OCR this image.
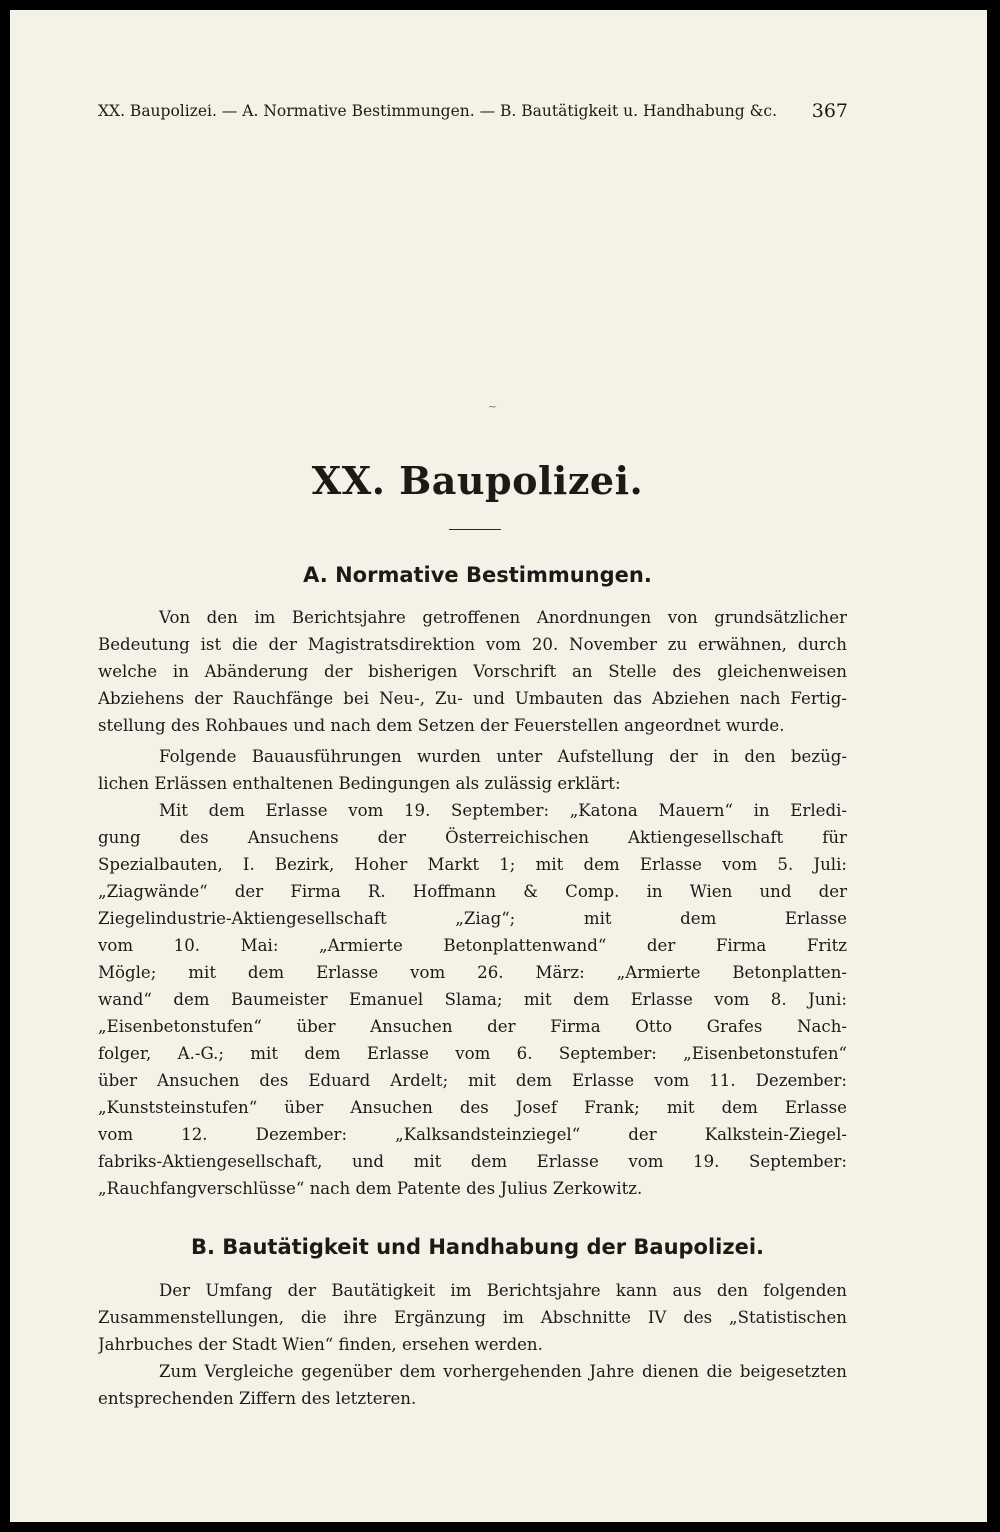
XX. Baupolizei. — A. Normative Bestimmungen. — B. Bautätigkeit u. Handhabung &c. 367
~
XX. Baupolizei.
A. Normative Bestimmungen.

Von den im Berichtsjahre getroffenen Anordnungen von grundsätzlicher
Bedeutung ist die der Magistratsdirektion vom 20. November zu erwähnen, durch
welche in Abänderung der bisherigen Vorschrift an Stelle des gleichenweisen
Abziehens der Rauchfänge bei Neu-, Zu- und Umbauten das Abziehen nach Fertig-
stellung des Rohbaues und nach dem Setzen der Feuerstellen angeordnet wurde.

Folgende Bauausführungen wurden unter Aufstellung der in den bezüg-
lichen Erlässen enthaltenen Bedingungen als zulässig erklärt:

Mit dem Erlasse vom 19. September: „Katona Mauern“ in Erledi-
gung des Ansuchens der Österreichischen Aktiengesellschaft für
Spezialbauten, I. Bezirk, Hoher Markt 1; mit dem Erlasse vom 5. Juli:
„Ziagwände“ der Firma R. Hoffmann & Comp. in Wien und der
Ziegelindustrie-Aktiengesellschaft „Ziag“; mit dem Erlasse
vom 10. Mai: „Armierte Betonplattenwand“ der Firma Fritz
Mögle; mit dem Erlasse vom 26. März: „Armierte Betonplatten-
wand“ dem Baumeister Emanuel Slama; mit dem Erlasse vom 8. Juni:
„Eisenbetonstufen“ über Ansuchen der Firma Otto Grafes Nach-
folger, A.-G.; mit dem Erlasse vom 6. September: „Eisenbetonstufen“
über Ansuchen des Eduard Ardelt; mit dem Erlasse vom 11. Dezember:
„Kunststeinstufen“ über Ansuchen des Josef Frank; mit dem Erlasse
vom 12. Dezember: „Kalksandsteinziegel“ der Kalkstein-Ziegel-
fabriks-Aktiengesellschaft, und mit dem Erlasse vom 19. September:
„Rauchfangverschlüsse“ nach dem Patente des Julius Zerkowitz.

B. Bautätigkeit und Handhabung der Baupolizei.

Der Umfang der Bautätigkeit im Berichtsjahre kann aus den folgenden
Zusammenstellungen, die ihre Ergänzung im Abschnitte IV des „Statistischen
Jahrbuches der Stadt Wien“ finden, ersehen werden.

Zum Vergleiche gegenüber dem vorhergehenden Jahre dienen die beigesetzten
entsprechenden Ziffern des letzteren.
